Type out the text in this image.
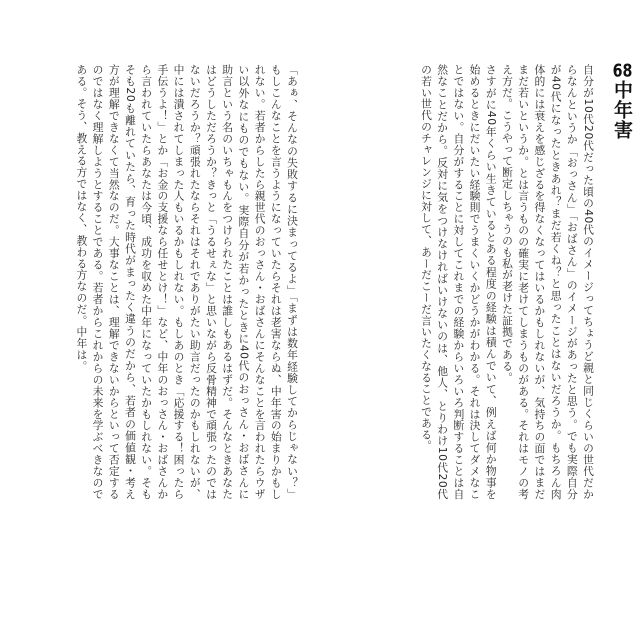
68中年害

自分が10代20代だった頃の40代のイメージってちょうど親と同じくらいの世代だからなんというか「おっさん」「おばさん」のイメージがあったと思う。でも実際自分が40代になったときあれ？まだ若くね？と思ったことはないだろうか。もちろん肉体的には衰えを感じざるを得なくなってはいるかもしれないが、気持ちの面ではまだまだ若いというか。とは言うものの確実に老けてしまうものがある。それはモノの考え方だ。こうやって断定しちゃうのも私が老けた証拠である。

さすがに40年くらい生きているとある程度の経験は積んでいて、例えば何か物事を始めるときにだいたい経験則でうまくいくかどうかがわかる。それは決してダメなことではない。自分がすることに対してこれまでの経験からいろいろ判断することは自然なことだから。反対に気をつけなければいけないのは、他人、とりわけ10代20代の若い世代のチャレンジに対して、あーだこーだ言いたくなることである。

「あぁ、そんなの失敗するに決まってるよ」「まずは数年経験してからじゃない？」もしこんなことを言うようになっていたらそれは老害ならぬ、中年害の始まりかもしれない。若者からしたら親世代のおっさん・おばさんにそんなことを言われたらウザい以外なにものでもない。実際自分が若かったときに40代のおっさん・おばさんに助言という名のいちゃもんをつけられたことは誰しもあるはずだ。そんなときあなたはどうしただろうか？きっと「うるせぇな」と思いながら反骨精神で頑張ったのではないだろうか？頑張れたならそれはそれでありがたい助言だったのかもしれないが、中には潰されてしまった人もいるかもしれない。もしあのとき「応援する！困ったら手伝うよ！」とか「お金の支援なら任せとけ！」など、中年のおっさん・おばさんから言われていたらあなたは今頃、成功を収めた中年になっていたかもしれない。そもそも20も離れていたら、育った時代がまったく違うのだから、若者の価値観・考え方が理解できなくて当然なのだ。大事なことは、理解できないからといって否定するのではなく理解しようとすることである。若者からこれからの未来を学ぶべきなのである。そう、教える方ではなく、教わる方なのだ。中年は。
